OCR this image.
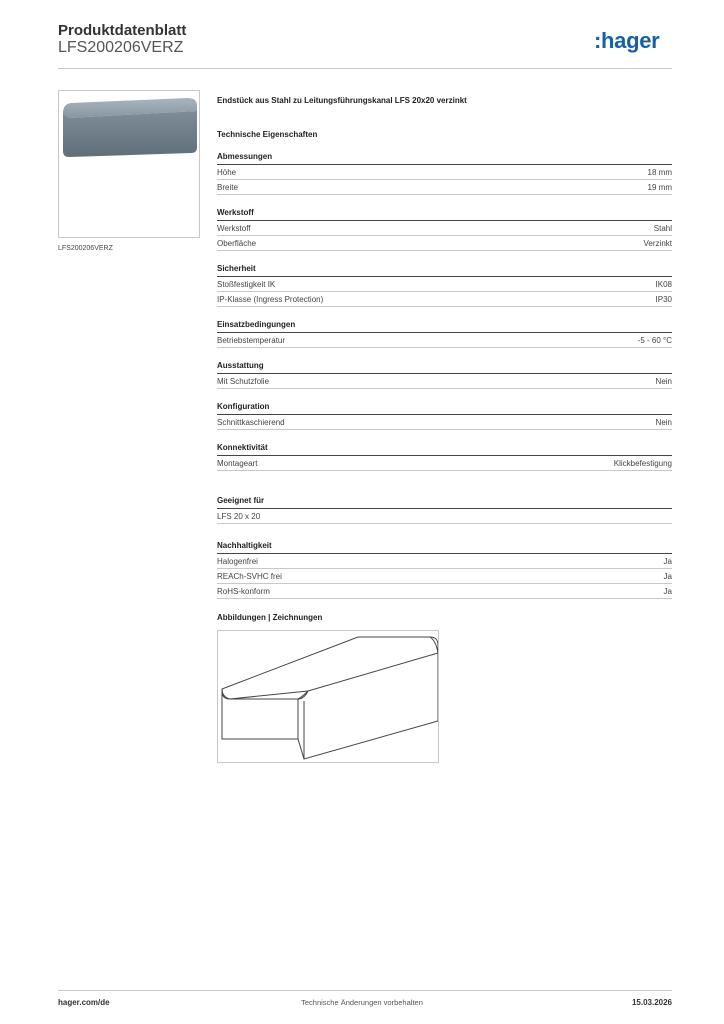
Produktdatenblatt
LFS200206VERZ	:hager
LFS200206VERZ
Endstück aus Stahl zu Leitungsführungskanal LFS 20x20 verzinkt
Technische Eigenschaften
Abmessungen
Höhe	18 mm
Breite	19 mm
Werkstoff
Werkstoff	Stahl
Oberfläche	Verzinkt
Sicherheit
Stoßfestigkeit IK	IK08
IP-Klasse (Ingress Protection)	IP30
Einsatzbedingungen
Betriebstemperatur	-5 - 60 °C
Ausstattung
Mit Schutzfolie	Nein
Konfiguration
Schnittkaschierend	Nein
Konnektivität
Montageart	Klickbefestigung
Geeignet für
LFS 20 x 20
Nachhaltigkeit
Halogenfrei	Ja
REACh-SVHC frei	Ja
RoHS-konform	Ja
Abbildungen | Zeichnungen
hager.com/de	Technische Änderungen vorbehalten	15.03.2026
